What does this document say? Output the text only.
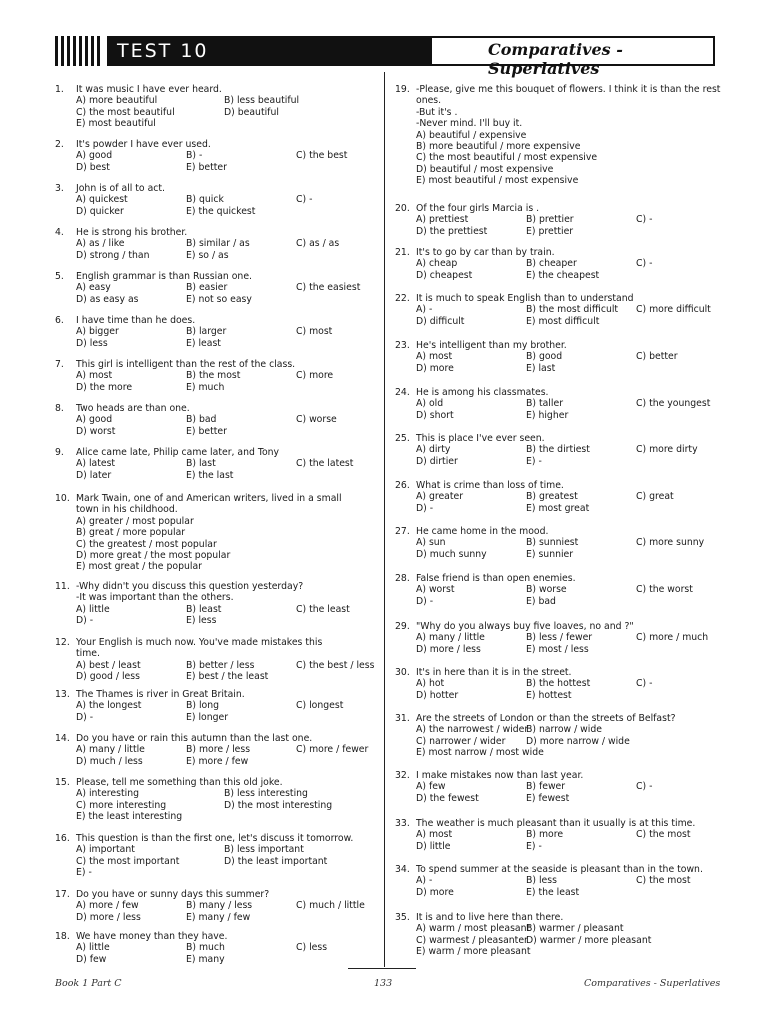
TEST 10	Comparatives - Superlatives
1.	It was music I have ever heard.
A) more beautiful	B) less beautiful
C) the most beautiful	D) beautiful
E) most beautiful
2.	It's powder I have ever used.
A) good	B) -	C) the best
D) best	E) better
3.	John is of all to act.
A) quickest	B) quick	C) -
D) quicker	E) the quickest
4.	He is strong his brother.
A) as / like	B) similar / as	C) as / as
D) strong / than	E) so / as
5.	English grammar is than Russian one.
A) easy	B) easier	C) the easiest
D) as easy as	E) not so easy
6.	I have time than he does.
A) bigger	B) larger	C) most
D) less	E) least
7.	This girl is intelligent than the rest of the class.
A) most	B) the most	C) more
D) the more	E) much
8.	Two heads are than one.
A) good	B) bad	C) worse
D) worst	E) better
9.	Alice came late, Philip came later, and Tony
A) latest	B) last	C) the latest
D) later	E) the last
10. Mark Twain, one of and American writers, lived in a small
town in his childhood.
A) greater / most popular
B) great / more popular
C) the greatest / most popular
D) more great / the most popular
E) most great / the popular
11. -Why didn't you discuss this question yesterday?
-It was important than the others.
A) little	B) least	C) the least
D) -	E) less
12. Your English is much now. You've made mistakes this
time.
A) best / least	B) better / less	C) the best / less
D) good / less	E) best / the least
13. The Thames is river in Great Britain.
A) the longest	B) long	C) longest
D) -	E) longer
14. Do you have or rain this autumn than the last one.
A) many / little	B) more / less	C) more / fewer
D) much / less	E) more / few
15. Please, tell me something than this old joke.
A) interesting	B) less interesting
C) more interesting	D) the most interesting
E) the least interesting
16. This question is than the first one, let's discuss it tomorrow.
A) important	B) less important
C) the most important	D) the least important
E) -
17. Do you have or sunny days this summer?
A) more / few	B) many / less	C) much / little
D) more / less	E) many / few
18. We have money than they have.
A) little	B) much	C) less
D) few	E) many
19. -Please, give me this bouquet of flowers. I think it is than the rest
ones.
-But it's .
-Never mind. I'll buy it.
A) beautiful / expensive
B) more beautiful / more expensive
C) the most beautiful / most expensive
D) beautiful / most expensive
E) most beautiful / most expensive
20. Of the four girls Marcia is .
A) prettiest	B) prettier	C) -
D) the prettiest	E) prettier
21. It's to go by car than by train.
A) cheap	B) cheaper	C) -
D) cheapest	E) the cheapest
22. It is much to speak English than to understand
A) -	B) the most difficult C) more difficult
D) difficult	E) most difficult
23. He's intelligent than my brother.
A) most	B) good	C) better
D) more	E) last
24. He is among his classmates.
A) old	B) taller	C) the youngest
D) short	E) higher
25. This is place I've ever seen.
A) dirty	B) the dirtiest	C) more dirty
D) dirtier	E) -
26. What is crime than loss of time.
A) greater	B) greatest	C) great
D) -	E) most great
27. He came home in the mood.
A) sun	B) sunniest	C) more sunny
D) much sunny	E) sunnier
28. False friend is than open enemies.
A) worst	B) worse	C) the worst
D) -	E) bad
29. "Why do you always buy five loaves, no and ?"
A) many / little	B) less / fewer	C) more / much
D) more / less	E) most / less
30. It's in here than it is in the street.
A) hot	B) the hottest	C) -
D) hotter	E) hottest
31. Are the streets of London or than the streets of Belfast?
A) the narrowest / wider
B) narrow / wide
C) narrower / wider D) more narrow / wide
E) most narrow / most wide
32. I make mistakes now than last year.
A) few	B) fewer	C) -
D) the fewest	E) fewest
33. The weather is much pleasant than it usually is at this time.
A) most	B) more	C) the most
D) little	E) -
34. To spend summer at the seaside is pleasant than in the town.
A) -	B) less	C) the most
D) more	E) the least
35. It is and to live here than there.
A) warm / most pleasant
B) warmer / pleasant
C) warmest / pleasanter
D) warmer / more pleasant
E) warm / more pleasant
Book 1 Part C	133	Comparatives - Superlatives
